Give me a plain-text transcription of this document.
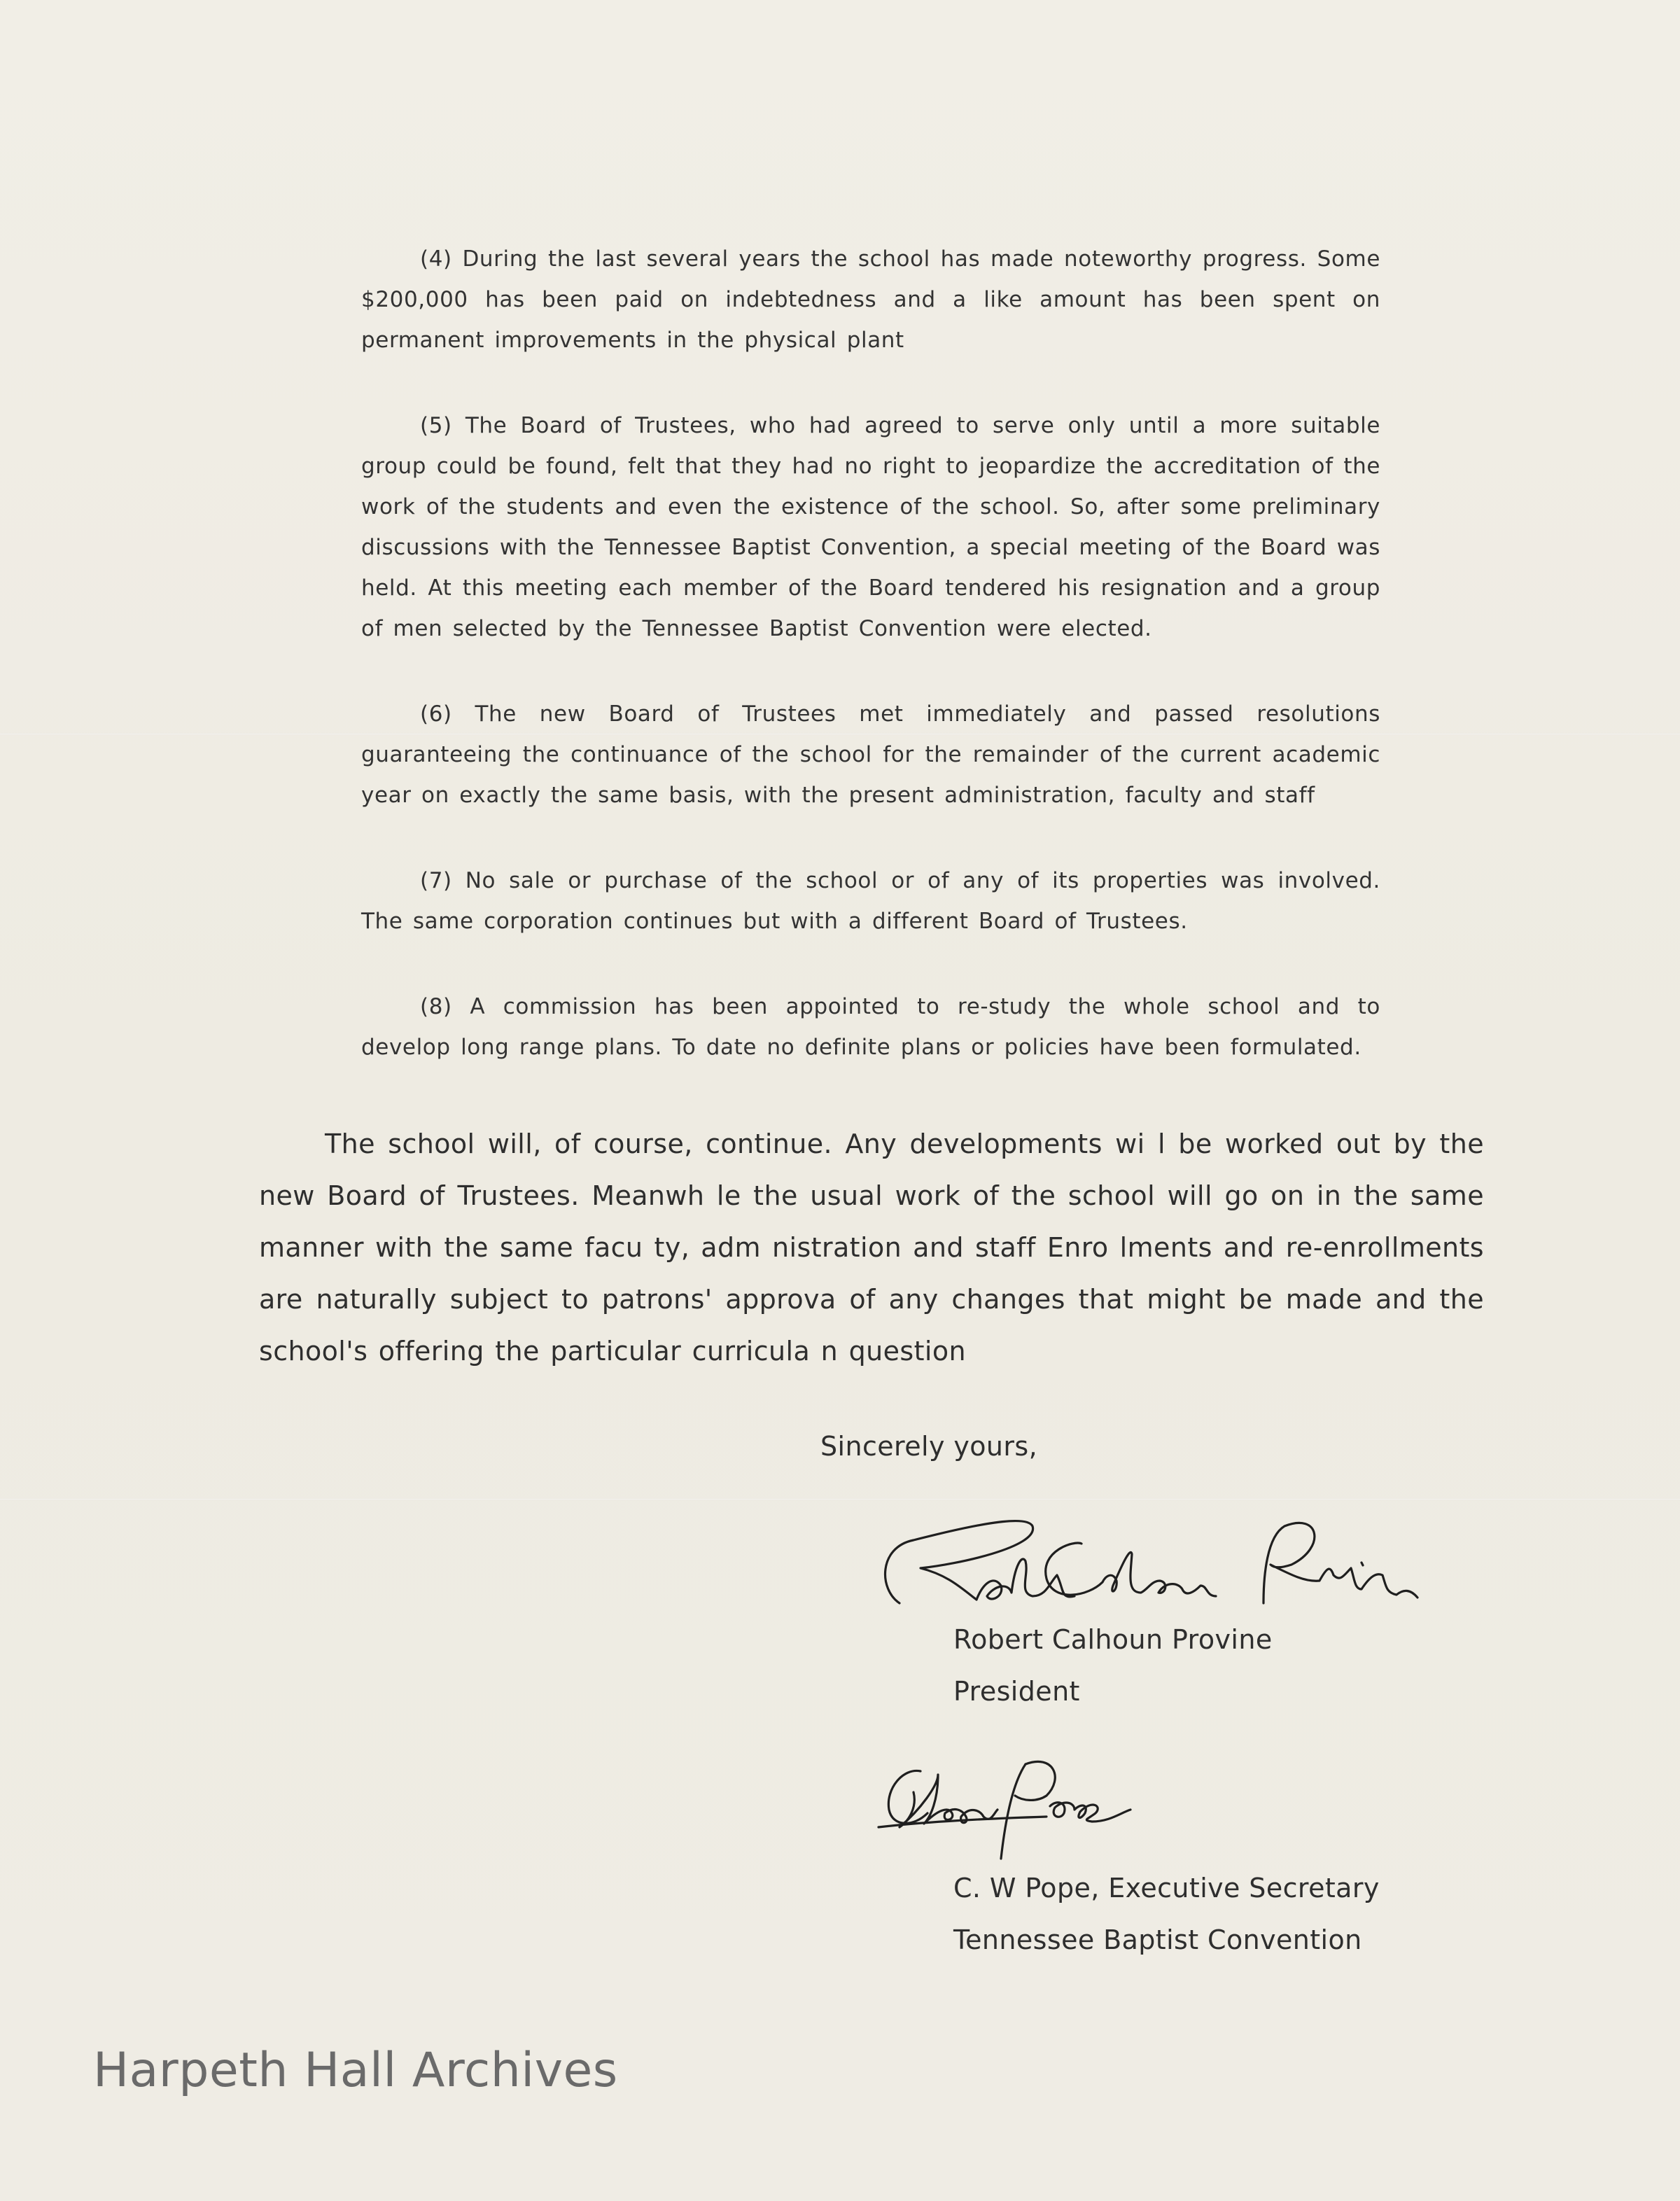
(4) During the last several years the school has made noteworthy progress. Some $200,000 has been paid on indebtedness and a like amount has been spent on permanent improvements in the physical plant

(5) The Board of Trustees, who had agreed to serve only until a more suitable group could be found, felt that they had no right to jeopardize the accreditation of the work of the students and even the existence of the school. So, after some preliminary discussions with the Tennessee Baptist Convention, a special meeting of the Board was held. At this meeting each member of the Board tendered his resignation and a group of men selected by the Tennessee Baptist Convention were elected.

(6) The new Board of Trustees met immediately and passed resolutions guaranteeing the continuance of the school for the remainder of the current academic year on exactly the same basis, with the present administration, faculty and staff

(7) No sale or purchase of the school or of any of its properties was involved. The same corporation continues but with a different Board of Trustees.

(8) A commission has been appointed to re-study the whole school and to develop long range plans. To date no definite plans or policies have been formulated.

The school will, of course, continue. Any developments wi l be worked out by the new Board of Trustees. Meanwh le the usual work of the school will go on in the same manner with the same facu ty, adm nistration and staff Enro lments and re-enrollments are naturally subject to patrons' approva of any changes that might be made and the school's offering the particular curricula n question

Sincerely yours,
Robert Calhoun Provine
President
C. W Pope, Executive Secretary
Tennessee Baptist Convention
Harpeth Hall Archives
